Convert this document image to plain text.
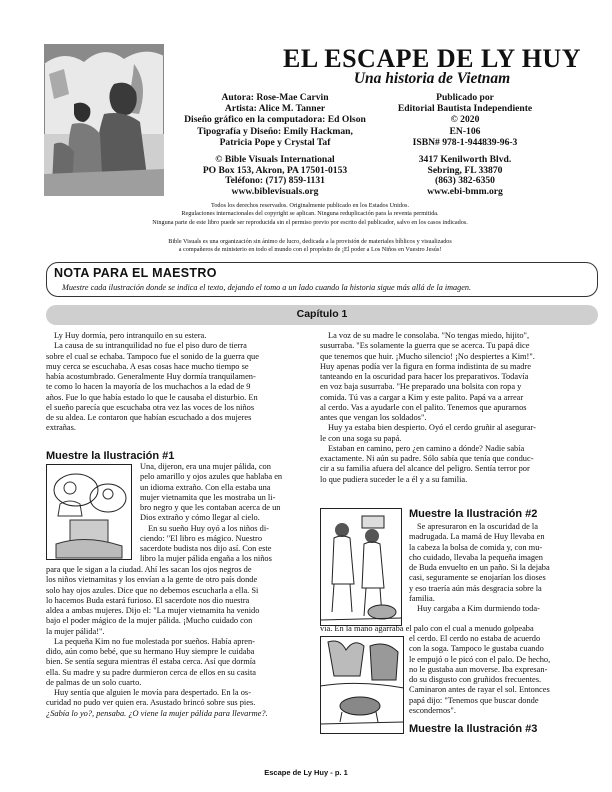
EL ESCAPE DE LY HUY
Una historia de Vietnam
Autora: Rose-Mae Carvin
Artista: Alice M. Tanner
Diseño gráfico en la computadora: Ed Olson
Tipografía y Diseño: Emily Hackman,
Patricia Pope y Crystal Taf
Publicado por
Editorial Bautista Independiente
© 2020
EN-106
ISBN# 978-1-944839-96-3
© Bible Visuals International
PO Box 153, Akron, PA 17501-0153
Teléfono: (717) 859-1131
www.biblevisuals.org
3417 Kenilworth Blvd.
Sebring, FL 33870
(863) 382-6350
www.ebi-bmm.org
Todos los derechos reservados. Originalmente publicado en los Estados Unidos.
Regulaciones internacionales del copyright se aplican. Ninguna reduplicación para la reventa permitida.
Ninguna parte de este libro puede ser reproducida sin el permiso previo por escrito del publicador, salvo en los casos indicados.
Bible Visuals es una organización sin ánimo de lucro, dedicada a la provisión de materiales bíblicos y visualizados
a compañeros de ministerio en todo el mundo con el propósito de ¡El poder a Los Niños en Vuestro Jesús!
NOTA PARA EL MAESTRO
Muestre cada ilustración donde se indica el texto, dejando el tomo a un lado cuando la historia sigue más allá de la imagen.
Capítulo 1
Ly Huy dormía, pero intranquilo en su estera.
La causa de su intranquilidad no fue el piso duro de tierra
sobre el cual se echaba. Tampoco fue el sonido de la guerra que
muy cerca se escuchaba. A esas cosas hace mucho tiempo se
había acostumbrado. Generalmente Huy dormía tranquilamen-
te como lo hacen la mayoría de los muchachos a la edad de 9
años. Fue lo que había estado lo que le causaba el disturbio. En
el sueño parecía que escuchaba otra vez las voces de los niños
de su aldea. Le contaron que habían escuchado a dos mujeres
extrañas.
Muestre la Ilustración #1
Una, dijeron, era una mujer pálida, con
pelo amarillo y ojos azules que hablaba en
un idioma extraño. Con ella estaba una
mujer vietnamita que les mostraba un li-
bro negro y que les contaban acerca de un
Dios extraño y cómo llegar al cielo.
En su sueño Huy oyó a los niños di-
ciendo: "El libro es mágico. Nuestro
sacerdote budista nos dijo así. Con este
libro la mujer pálida engaña a los niños
para que le sigan a la ciudad. Ahí les sacan los ojos negros de
los niños vietnamitas y los envían a la gente de otro país donde
solo hay ojos azules. Dice que no debemos escucharla a ella. Si
lo hacemos Buda estará furioso. El sacerdote nos dio nuestra
aldea a ambas mujeres. Dijo el: "La mujer vietnamita ha venido
bajo el poder mágico de la mujer pálida. ¡Mucho cuidado con
la mujer pálida!".
La pequeña Kim no fue molestada por sueños. Había apren-
dido, aún como bebé, que su hermano Huy siempre le cuidaba
bien. Se sentía segura mientras él estaba cerca. Así que dormía
ella. Su madre y su padre durmieron cerca de ellos en su casita
de palmas de un solo cuarto.
Huy sentía que alguien le movía para despertado. En la os-
curidad no pudo ver quien era. Asustado brincó sobre sus pies.
¿Sabía lo yo?, pensaba. ¿O viene la mujer pálida para llevarme?.
La voz de su madre le consolaba. "No tengas miedo, hijito",
susurraba. "Es solamente la guerra que se acerca. Tu papá dice
que tenemos que huir. ¡Mucho silencio! ¡No despiertes a Kim!".
Huy apenas podía ver la figura en forma indistinta de su madre
tanteando en la oscuridad para hacer los preparativos. Todavía
en voz baja susurraba. "He preparado una bolsita con ropa y
comida. Tú vas a cargar a Kim y este palito. Papá va a arrear
al cerdo. Vas a ayudarle con el palito. Tenemos que apurarnos
antes que vengan los soldados".
Huy ya estaba bien despierto. Oyó el cerdo gruñir al asegurar-
le con una soga su papá.
Estaban en camino, pero ¿en camino a dónde? Nadie sabía
exactamente. Ni aún su padre. Sólo sabía que tenía que conduc-
cir a su familia afuera del alcance del peligro. Sentía terror por
lo que pudiera suceder le a él y a su familia.
Muestre la Ilustración #2
Se apresuraron en la oscuridad de la
madrugada. La mamá de Huy llevaba en
la cabeza la bolsa de comida y, con mu-
cho cuidado, llevaba la pequeña imagen
de Buda envuelto en un paño. Si la dejaba
casi, seguramente se enojarían los dioses
y eso traería aún más desgracia sobre la
familia.
Huy cargaba a Kim durmiendo toda-
vía. En la mano agarraba el palo con el cual a menudo golpeaba
el cerdo. El cerdo no estaba de acuerdo
con la soga. Tampoco le gustaba cuando
le empujó o le picó con el palo. De hecho,
no le gustaba aun moverse. Iba expresan-
do su disgusto con gruñidos frecuentes.
Caminaron antes de rayar el sol. Entonces
papá dijo: "Tenemos que buscar donde
escondernos".
Muestre la Ilustración #3
Escape de Ly Huy - p. 1
